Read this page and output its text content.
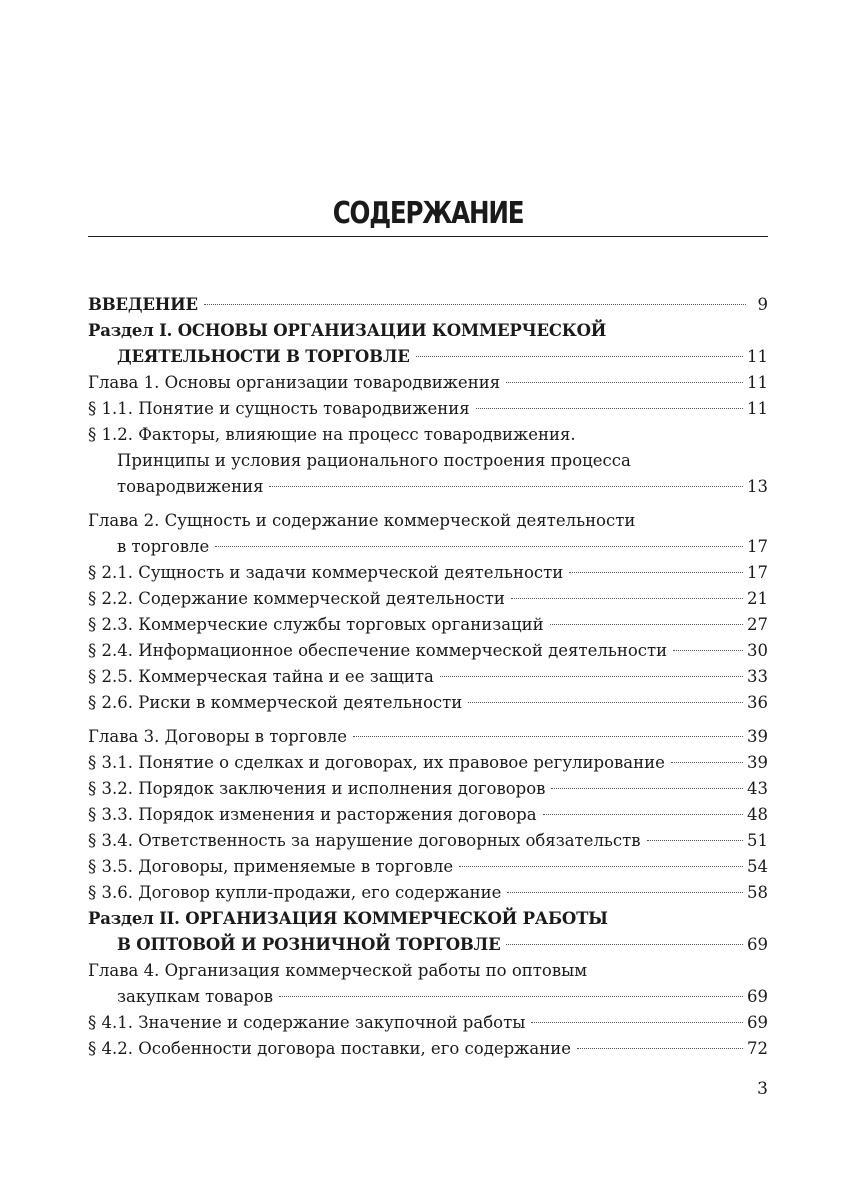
СОДЕРЖАНИЕ
ВВЕДЕНИЕ	9
Раздел I. ОСНОВЫ ОРГАНИЗАЦИИ КОММЕРЧЕСКОЙ
ДЕЯТЕЛЬНОСТИ В ТОРГОВЛЕ	11
Глава 1. Основы организации товародвижения	11
§ 1.1. Понятие и сущность товародвижения	11
§ 1.2. Факторы, влияющие на процесс товародвижения.
Принципы и условия рационального построения процесса
товародвижения	13
Глава 2. Сущность и содержание коммерческой деятельности
в торговле	17
§ 2.1. Сущность и задачи коммерческой деятельности	17
§ 2.2. Содержание коммерческой деятельности	21
§ 2.3. Коммерческие службы торговых организаций	27
§ 2.4. Информационное обеспечение коммерческой деятельности	30
§ 2.5. Коммерческая тайна и ее защита	33
§ 2.6. Риски в коммерческой деятельности	36
Глава 3. Договоры в торговле	39
§ 3.1. Понятие о сделках и договорах, их правовое регулирование	39
§ 3.2. Порядок заключения и исполнения договоров	43
§ 3.3. Порядок изменения и расторжения договора	48
§ 3.4. Ответственность за нарушение договорных обязательств	51
§ 3.5. Договоры, применяемые в торговле	54
§ 3.6. Договор купли-продажи, его содержание	58
Раздел II. ОРГАНИЗАЦИЯ КОММЕРЧЕСКОЙ РАБОТЫ
В ОПТОВОЙ И РОЗНИЧНОЙ ТОРГОВЛЕ	69
Глава 4. Организация коммерческой работы по оптовым
закупкам товаров	69
§ 4.1. Значение и содержание закупочной работы	69
§ 4.2. Особенности договора поставки, его содержание	72
3
